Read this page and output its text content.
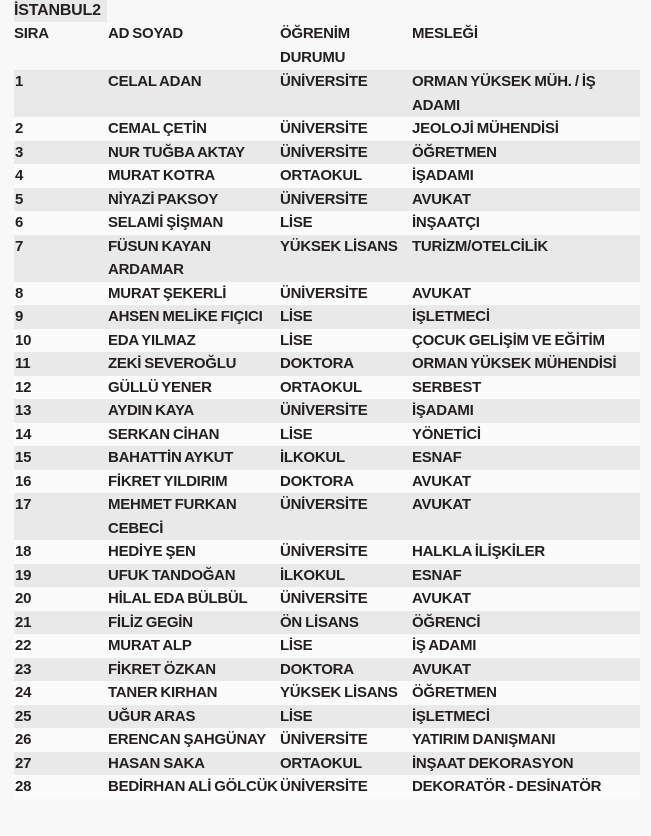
İSTANBUL2
SIRA	AD SOYAD	ÖĞRENİM DURUMU	MESLEĞİ

1	CELAL ADAN	ÜNİVERSİTE	ORMAN YÜKSEK MÜH. / İŞ ADAMI
2	CEMAL ÇETİN	ÜNİVERSİTE	JEOLOJİ MÜHENDİSİ
3	NUR TUĞBA AKTAY	ÜNİVERSİTE	ÖĞRETMEN
4	MURAT KOTRA	ORTAOKUL	İŞADAMI
5	NİYAZİ PAKSOY	ÜNİVERSİTE	AVUKAT
6	SELAMİ ŞİŞMAN	LİSE	İNŞAATÇI
7	FÜSUN KAYAN ARDAMAR	YÜKSEK LİSANS	TURİZM/OTELCİLİK
8	MURAT ŞEKERLİ	ÜNİVERSİTE	AVUKAT
9	AHSEN MELİKE FIÇICI	LİSE	İŞLETMECİ
10	EDA YILMAZ	LİSE	ÇOCUK GELİŞİM VE EĞİTİM
11	ZEKİ SEVEROĞLU	DOKTORA	ORMAN YÜKSEK MÜHENDİSİ
12	GÜLLÜ YENER	ORTAOKUL	SERBEST
13	AYDIN KAYA	ÜNİVERSİTE	İŞADAMI
14	SERKAN CİHAN	LİSE	YÖNETİCİ
15	BAHATTİN AYKUT	İLKOKUL	ESNAF
16	FİKRET YILDIRIM	DOKTORA	AVUKAT
17	MEHMET FURKAN CEBECİ	ÜNİVERSİTE	AVUKAT
18	HEDİYE ŞEN	ÜNİVERSİTE	HALKLA İLİŞKİLER
19	UFUK TANDOĞAN	İLKOKUL	ESNAF
20	HİLAL EDA BÜLBÜL	ÜNİVERSİTE	AVUKAT
21	FİLİZ GEGİN	ÖN LİSANS	ÖĞRENCİ
22	MURAT ALP	LİSE	İŞ ADAMI
23	FİKRET ÖZKAN	DOKTORA	AVUKAT
24	TANER KIRHAN	YÜKSEK LİSANS	ÖĞRETMEN
25	UĞUR ARAS	LİSE	İŞLETMECİ
26	ERENCAN ŞAHGÜNAY	ÜNİVERSİTE	YATIRIM DANIŞMANI
27	HASAN SAKA	ORTAOKUL	İNŞAAT DEKORASYON
28	BEDİRHAN ALİ GÖLCÜK	ÜNİVERSİTE	DEKORATÖR - DESİNATÖR
